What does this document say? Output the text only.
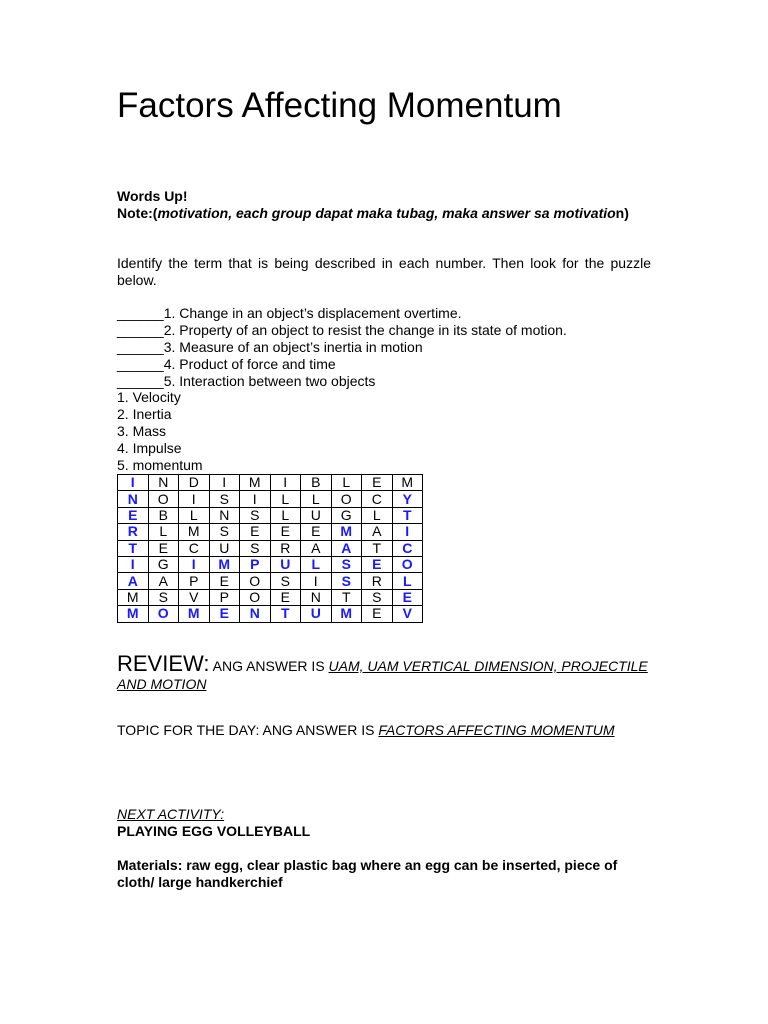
Factors Affecting Momentum
Words Up!
Note:(motivation, each group dapat maka tubag, maka answer sa motivation)
Identify the term that is being described in each number. Then look for the puzzle below.
______1. Change in an object’s displacement overtime.
______2. Property of an object to resist the change in its state of motion.
______3. Measure of an object’s inertia in motion
______4. Product of force and time
______5. Interaction between two objects
1. Velocity
2. Inertia
3. Mass
4. Impulse
5. momentum
I	N	D	I	M	I	B	L	E	M
N	O	I	S	I	L	L	O	C	Y
E	B	L	N	S	L	U	G	L	T
R	L	M	S	E	E	E	M	A	I
T	E	C	U	S	R	A	A	T	C
I	G	I	M	P	U	L	S	E	O
A	A	P	E	O	S	I	S	R	L
M	S	V	P	O	E	N	T	S	E
M	O	M	E	N	T	U	M	E	V
REVIEW: ANG ANSWER IS UAM, UAM VERTICAL DIMENSION, PROJECTILE AND MOTION
TOPIC FOR THE DAY: ANG ANSWER IS FACTORS AFFECTING MOMENTUM
NEXT ACTIVITY:
PLAYING EGG VOLLEYBALL
Materials: raw egg, clear plastic bag where an egg can be inserted, piece of cloth/ large handkerchief
